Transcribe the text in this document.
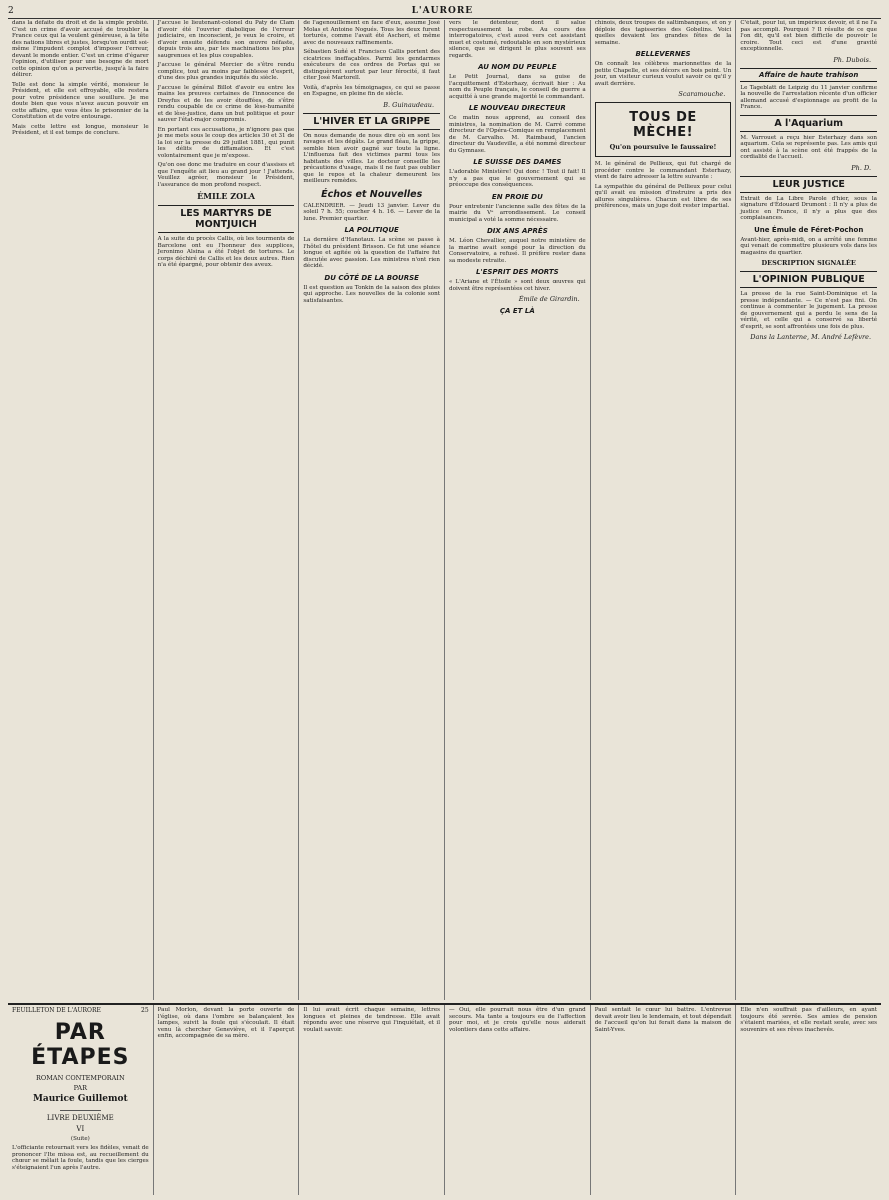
2	L'AURORE

dans la défaite du droit et de la simple probité. C'est un crime d'avoir accusé de troubler la France ceux qui la veulent généreuse, à la tête des nations libres et justes, lorsqu'on ourdit soi-même l'impudent complot d'imposer l'erreur, devant le monde entier. C'est un crime d'égarer l'opinion, d'utiliser pour une besogne de mort cette opinion qu'on a pervertie, jusqu'à la faire délirer.

Telle est donc la simple vérité, monsieur le Président, et elle est effroyable, elle restera pour votre présidence une souillure. Je me doute bien que vous n'avez aucun pouvoir en cette affaire, que vous êtes le prisonnier de la Constitution et de votre entourage.

Mais cette lettre est longue, monsieur le Président, et il est temps de conclure.

J'accuse le lieutenant-colonel du Paty de Clam d'avoir été l'ouvrier diabolique de l'erreur judiciaire, en inconscient, je veux le croire, et d'avoir ensuite défendu son œuvre néfaste, depuis trois ans, par les machinations les plus saugrenues et les plus coupables.

J'accuse le général Mercier de s'être rendu complice, tout au moins par faiblesse d'esprit, d'une des plus grandes iniquités du siècle.

J'accuse le général Billot d'avoir eu entre les mains les preuves certaines de l'innocence de Dreyfus et de les avoir étouffées, de s'être rendu coupable de ce crime de lèse-humanité et de lèse-justice, dans un but politique et pour sauver l'état-major compromis.

En portant ces accusations, je n'ignore pas que je me mets sous le coup des articles 30 et 31 de la loi sur la presse du 29 juillet 1881, qui punit les délits de diffamation. Et c'est volontairement que je m'expose.

Qu'on ose donc me traduire en cour d'assises et que l'enquête ait lieu au grand jour ! J'attends. Veuillez agréer, monsieur le Président, l'assurance de mon profond respect.

ÉMILE ZOLA
LES MARTYRS DE MONTJUICH

A la suite du procès Callis, où les tourments de Barcelone ont eu l'honneur des supplices, Jeronimo Alsina a été l'objet de tortures. Le corps déchiré de Callis et les deux autres. Rien n'a été épargné, pour obtenir des aveux.

de l'agenouillement en face d'eux, assume José Molas et Antoine Nogués. Tous les deux furent torturés, comme l'avait été Ascheri, et même avec de nouveaux raffinements.

Sébastien Suñé et Francisco Callis portent des cicatrices ineffaçables. Parmi les gendarmes exécuteurs de ces ordres de Portas qui se distinguèrent surtout par leur férocité, il faut citer José Martorell.

Voilà, d'après les témoignages, ce qui se passe en Espagne, en pleine fin de siècle.

B. Guinaudeau.
L'HIVER ET LA GRIPPE

On nous demande de nous dire où en sont les ravages et les dégâts. Le grand fléau, la grippe, semble bien avoir gagné sur toute la ligne. L'influenza fait des victimes parmi tous les habitants des villes. Le docteur conseille les précautions d'usage, mais il ne faut pas oublier que le repos et la chaleur demeurent les meilleurs remèdes.

Échos et Nouvelles

CALENDRIER. — Jeudi 13 janvier. Lever du soleil 7 h. 55; coucher 4 h. 16. — Lever de la lune. Premier quartier.

LA POLITIQUE

La dernière d'Hanotaux. La scène se passe à l'hôtel du président Brisson. Ce fut une séance longue et agitée où la question de l'affaire fut discutée avec passion. Les ministres n'ont rien décidé.

DU CÔTÉ DE LA BOURSE

Il est question au Tonkin de la saison des pluies qui approche. Les nouvelles de la colonie sont satisfaisantes.

vers le détenteur, dont il salue respectueusement la robe. Au cours des interrogatoires, c'est aussi vers cet assistant muet et costumé, redoutable en son mystérieux silence, que se dirigent le plus souvent ses regards.

AU NOM DU PEUPLE

Le Petit Journal, dans sa guise de l'acquittement d'Esterhazy, écrivait hier : Au nom du Peuple français, le conseil de guerre a acquitté à une grande majorité le commandant.

LE NOUVEAU DIRECTEUR

Ce matin nous apprend, au conseil des ministres, la nomination de M. Carré comme directeur de l'Opéra-Comique en remplacement de M. Carvalho. M. Raimbaud, l'ancien directeur du Vaudeville, a été nommé directeur du Gymnase.

LE SUISSE DES DAMES

L'adorable Ministère! Qui donc ! Tout il fait! Il n'y a pas que le gouvernement qui se préoccupe des conséquences.

EN PROIE DU

Pour entretenir l'ancienne salle des fêtes de la mairie du Vᵉ arrondissement. Le conseil municipal a voté la somme nécessaire.

DIX ANS APRÈS

M. Léon Chevallier, auquel notre ministère de la marine avait songé pour la direction du Conservatoire, a refusé. Il préfère rester dans sa modeste retraite.

L'ESPRIT DES MORTS

« L'Ariane et l'Étoile » sont deux œuvres qui doivent être représentées cet hiver.

Émile de Girardin.
ÇA ET LÀ

chinois, deux troupes de saltimbanques, et on y déploie des tapisseries des Gobelins. Voici quelles devaient les grandes fêtes de la semaine.

BELLEVERNES

On connaît les célèbres marionnettes de la petite Chapelle, et ses décors en bois peint. Un jour, un visiteur curieux voulut savoir ce qu'il y avait derrière.

Scaramouche.
TOUS DE MÈCHE!
Qu'on poursuive le faussaire!

M. le général de Pellieux, qui fut chargé de procéder contre le commandant Esterhazy, vient de faire adresser la lettre suivante :

La sympathie du général de Pellieux pour celui qu'il avait eu mission d'instruire a pris des allures singulières. Chacun est libre de ses préférences, mais un juge doit rester impartial.

C'était, pour lui, un impérieux devoir, et il ne l'a pas accompli. Pourquoi ? Il résulte de ce que l'on dit, qu'il est bien difficile de pouvoir le croire. Tout ceci est d'une gravité exceptionnelle.

Ph. Dubois.
Affaire de haute trahison

Le Tageblatt de Leipzig du 11 janvier confirme la nouvelle de l'arrestation récente d'un officier allemand accusé d'espionnage au profit de la France.

A l'Aquarium

M. Varrouet a reçu hier Esterhazy dans son aquarium. Cela se représente pas. Les amis qui ont assisté à la scène ont été frappés de la cordialité de l'accueil.

Ph. D.
LEUR JUSTICE

Extrait de La Libre Parole d'hier, sous la signature d'Édouard Drumont : Il n'y a plus de justice en France, il n'y a plus que des complaisances.

Une Émule de Féret-Pochon

Avant-hier, après-midi, on a arrêté une femme qui venait de commettre plusieurs vols dans les magasins du quartier.

DESCRIPTION SIGNALÉE
L'OPINION PUBLIQUE

La presse de la rue Saint-Dominique et la presse indépendante. — Ce n'est pas fini. On continue à commenter le jugement. La presse de gouvernement qui a perdu le sens de la vérité, et celle qui a conservé sa liberté d'esprit, se sont affrontées une fois de plus.

Dans la Lanterne, M. André Lefèvre.
FEUILLETON DE L'AURORE	25
PAR ÉTAPES
ROMAN CONTEMPORAIN
PAR
Maurice Guillemot
LIVRE DEUXIÈME
VI
(Suite)

L'officiante retournait vers les fidèles, venait de prononcer l'Ite missa est, au recueillement du chœur se mêlait la foule, tandis que les cierges s'éteignaient l'un après l'autre.

Paul Morlon, devant la porte ouverte de l'église, où dans l'ombre se balançaient les lampes, suivit la foule qui s'écoulait. Il était venu là chercher Geneviève, et il l'aperçut enfin, accompagnée de sa mère.

Il lui avait écrit chaque semaine, lettres longues et pleines de tendresse. Elle avait répondu avec une réserve qui l'inquiétait, et il voulait savoir.

— Oui, elle pourrait nous être d'un grand secours. Ma tante a toujours eu de l'affection pour moi, et je crois qu'elle nous aiderait volontiers dans cette affaire.

Paul sentait le cœur lui battre. L'entrevue devait avoir lieu le lendemain, et tout dépendait de l'accueil qu'on lui ferait dans la maison de Saint-Yves.

Elle n'en souffrait pas d'ailleurs, en ayant toujours été sevrée. Ses amies de pension s'étaient mariées, et elle restait seule, avec ses souvenirs et ses rêves inachevés.
